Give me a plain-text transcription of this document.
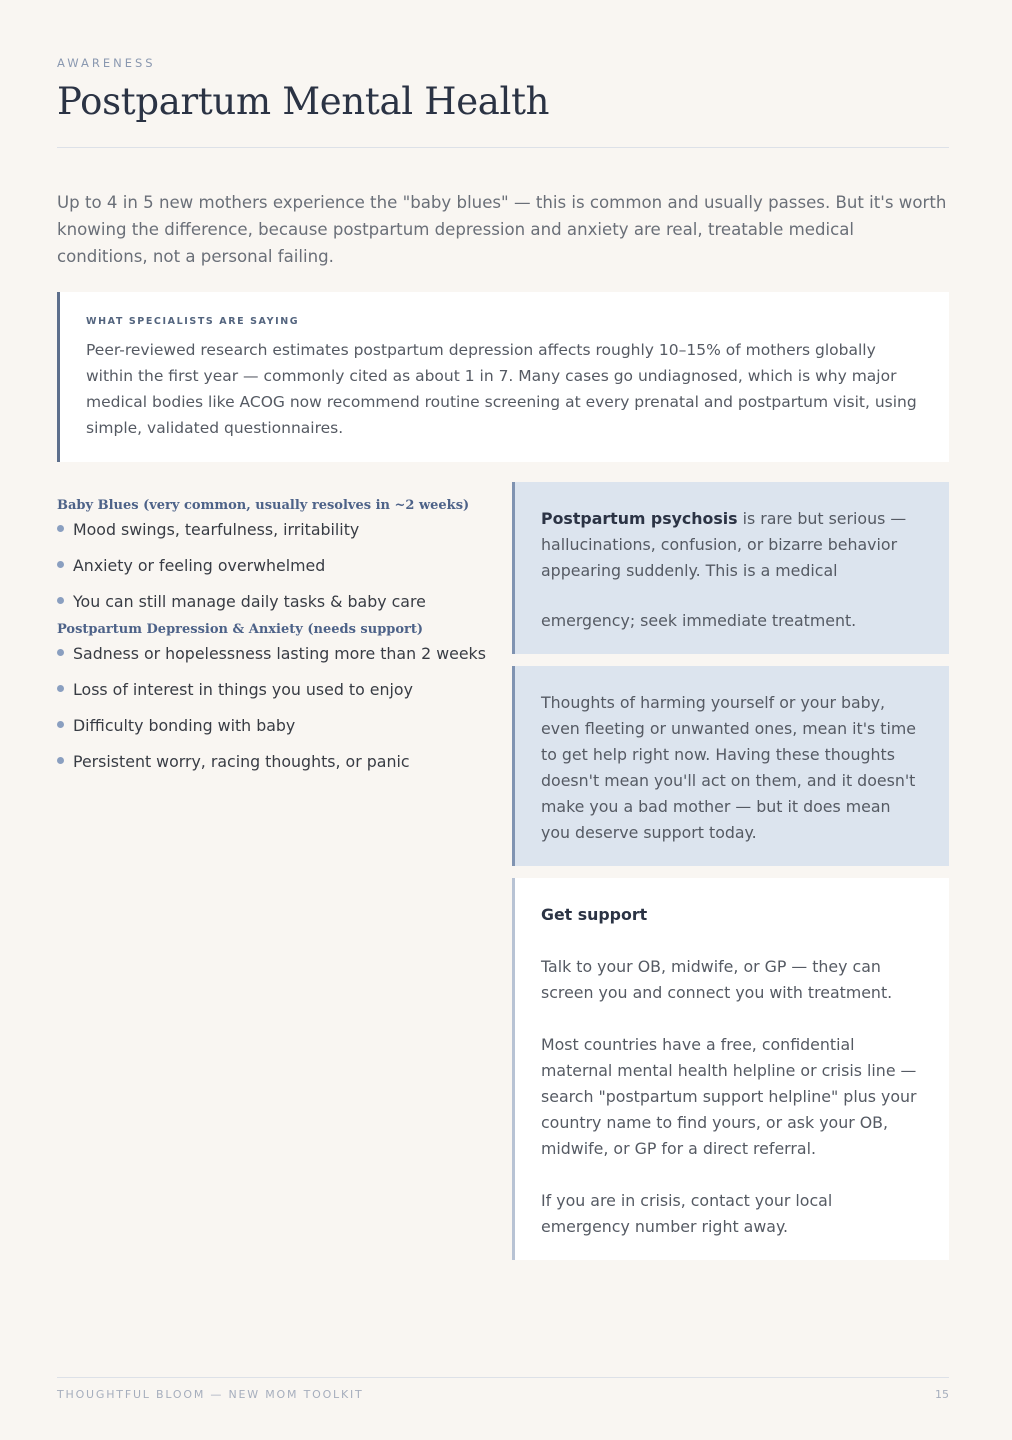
AWARENESS
Postpartum Mental Health

Up to 4 in 5 new mothers experience the "baby blues" — this is common and usually passes. But it's worth knowing the difference, because postpartum depression and anxiety are real, treatable medical conditions, not a personal failing.

WHAT SPECIALISTS ARE SAYING
Peer-reviewed research estimates postpartum depression affects roughly 10–15% of mothers globally within the first year — commonly cited as about 1 in 7. Many cases go undiagnosed, which is why major medical bodies like ACOG now recommend routine screening at every prenatal and postpartum visit, using simple, validated questionnaires.
Baby Blues (very common, usually resolves in ~2 weeks)
Mood swings, tearfulness, irritability
Anxiety or feeling overwhelmed
You can still manage daily tasks & baby care
Postpartum Depression & Anxiety (needs support)
Sadness or hopelessness lasting more than 2 weeks
Loss of interest in things you used to enjoy
Difficulty bonding with baby
Persistent worry, racing thoughts, or panic
Postpartum psychosis is rare but serious — hallucinations, confusion, or bizarre behavior appearing suddenly. This is a medical
emergency; seek immediate treatment.
Thoughts of harming yourself or your baby, even fleeting or unwanted ones, mean it's time to get help right now. Having these thoughts doesn't mean you'll act on them, and it doesn't make you a bad mother — but it does mean you deserve support today.
Get support

Talk to your OB, midwife, or GP — they can screen you and connect you with treatment.

Most countries have a free, confidential maternal mental health helpline or crisis line — search "postpartum support helpline" plus your country name to find yours, or ask your OB, midwife, or GP for a direct referral.

If you are in crisis, contact your local emergency number right away.

THOUGHTFUL BLOOM — NEW MOM TOOLKIT	15
